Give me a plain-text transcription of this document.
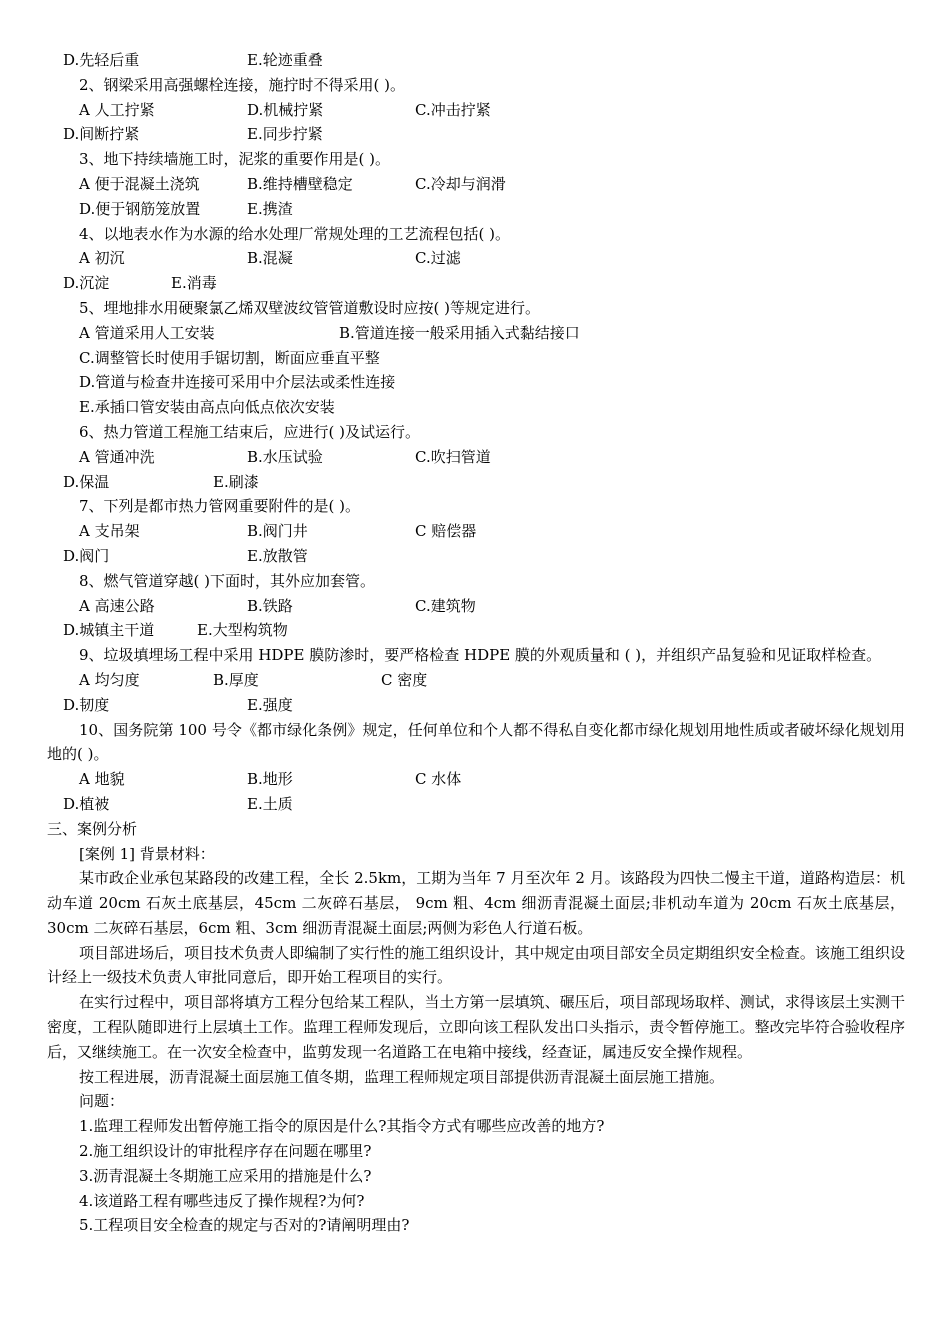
D.先轻后重	E.轮迹重叠
2、钢梁采用高强螺栓连接，施拧时不得采用( )。
A 人工拧紧	D.机械拧紧	C.冲击拧紧
D.间断拧紧	E.同步拧紧
3、地下持续墙施工时，泥浆的重要作用是( )。
A 便于混凝土浇筑	B.维持槽壁稳定	C.冷却与润滑
D.便于钢筋笼放置	E.携渣
4、以地表水作为水源的给水处理厂常规处理的工艺流程包括( )。
A 初沉	B.混凝	C.过滤
D.沉淀	E.消毒
5、埋地排水用硬聚氯乙烯双壁波纹管管道敷设时应按( )等规定进行。
A 管道采用人工安装	B.管道连接一般采用插入式黏结接口
C.调整管长时使用手锯切割，断面应垂直平整
D.管道与检查井连接可采用中介层法或柔性连接
E.承插口管安装由高点向低点依次安装
6、热力管道工程施工结束后，应进行( )及试运行。
A 管通冲洗	B.水压试验	C.吹扫管道
D.保温	E.刷漆
7、下列是都市热力管网重要附件的是( )。
A 支吊架	B.阀门井	C 赔偿器
D.阀门	E.放散管
8、燃气管道穿越( )下面时，其外应加套管。
A 高速公路	B.铁路	C.建筑物
D.城镇主干道	E.大型构筑物
9、垃圾填埋场工程中采用 HDPE 膜防渗时，要严格检查 HDPE 膜的外观质量和 ( )，并组织产品复验和见证取样检查。
A 均匀度	B.厚度	C 密度
D.韧度	E.强度
10、国务院第 100 号令《都市绿化条例》规定，任何单位和个人都不得私自变化都市绿化规划用地性质或者破坏绿化规划用地的( )。
A 地貌	B.地形	C 水体
D.植被	E.土质
三、案例分析
[案例 1] 背景材料：
某市政企业承包某路段的改建工程，全长 2.5km，工期为当年 7 月至次年 2 月。该路段为四快二慢主干道，道路构造层：机动车道 20cm 石灰土底基层，45cm 二灰碎石基层， 9cm 粗、4cm 细沥青混凝土面层;非机动车道为 20cm 石灰土底基层，30cm 二灰碎石基层，6cm 粗、3cm 细沥青混凝土面层;两侧为彩色人行道石板。
项目部进场后，项目技术负责人即编制了实行性的施工组织设计，其中规定由项目部安全员定期组织安全检查。该施工组织设计经上一级技术负责人审批同意后，即开始工程项目的实行。
在实行过程中，项目部将填方工程分包给某工程队，当土方第一层填筑、碾压后，项目部现场取样、测试，求得该层土实测干密度，工程队随即进行上层填土工作。监理工程师发现后，立即向该工程队发出口头指示，责令暂停施工。整改完毕符合验收程序后，又继续施工。在一次安全检查中，监剪发现一名道路工在电箱中接线，经查证，属违反安全操作规程。
按工程进展，沥青混凝土面层施工值冬期，监理工程师规定项目部提供沥青混凝土面层施工措施。
问题：
1.监理工程师发出暂停施工指令的原因是什么?其指令方式有哪些应改善的地方?
2.施工组织设计的审批程序存在问题在哪里?
3.沥青混凝土冬期施工应采用的措施是什么?
4.该道路工程有哪些违反了操作规程?为何?
5.工程项目安全检查的规定与否对的?请阐明理由?
